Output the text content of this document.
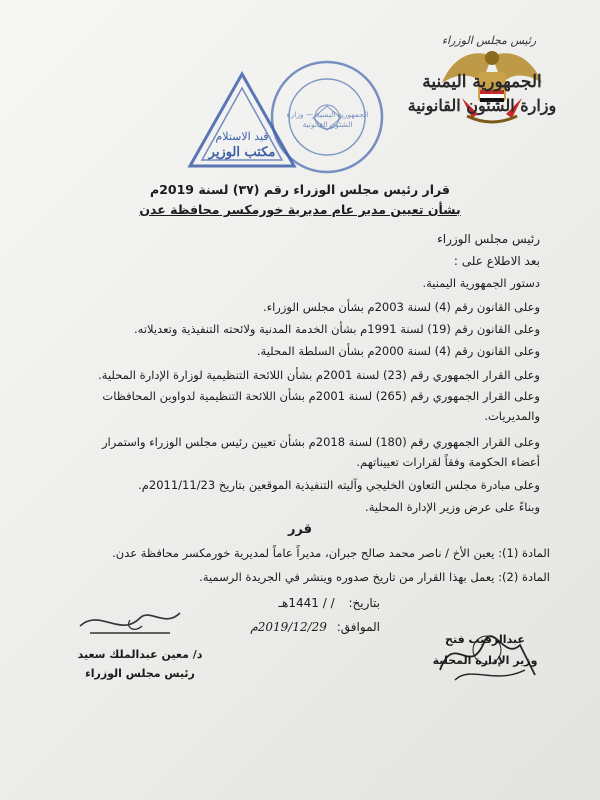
رئيس مجلس الوزراء
الجمهورية اليمنية
وزارة الشئون القانونية
قيد الاستلام
مكتب الوزير
الجمهورية اليمنية — وزارة الشئون القانونية
قرار رئيس مجلس الوزراء رقم (٣٧) لسنة 2019م
بشأن تعيين مدير عام مديرية خورمكسر محافظة عدن
رئيس مجلس الوزراء
بعد الاطلاع على :
دستور الجمهورية اليمنية.
وعلى القانون رقم (4) لسنة 2003م بشأن مجلس الوزراء.
وعلى القانون رقم (19) لسنة 1991م بشأن الخدمة المدنية ولائحته التنفيذية وتعديلاته.
وعلى القانون رقم (4) لسنة 2000م بشأن السلطة المحلية.
وعلى القرار الجمهوري رقم (23) لسنة 2001م بشأن اللائحة التنظيمية لوزارة الإدارة المحلية.
وعلى القرار الجمهوري رقم (265) لسنة 2001م بشأن اللائحة التنظيمية لدواوين المحافظات والمديريات.
وعلى القرار الجمهوري رقم (180) لسنة 2018م بشأن تعيين رئيس مجلس الوزراء واستمرار أعضاء الحكومة وفقاً لقرارات تعييناتهم.
وعلى مبادرة مجلس التعاون الخليجي وآليته التنفيذية الموقعين بتاريخ 2011/11/23م.
وبناءً على عرض وزير الإدارة المحلية.
قرر
المادة (1): يعين الأخ / ناصر محمد صالح جبران، مديراً عاماً لمديرية خورمكسر محافظة عدن.
المادة (2): يعمل بهذا القرار من تاريخ صدوره وينشر في الجريدة الرسمية.
بتاريخ: / / 1441هـ
الموافق: 2019/12/29م
د/ معين عبدالملك سعيد
رئيس مجلس الوزراء
عبدالرقيب فتح
وزير الإدارة المحلية
